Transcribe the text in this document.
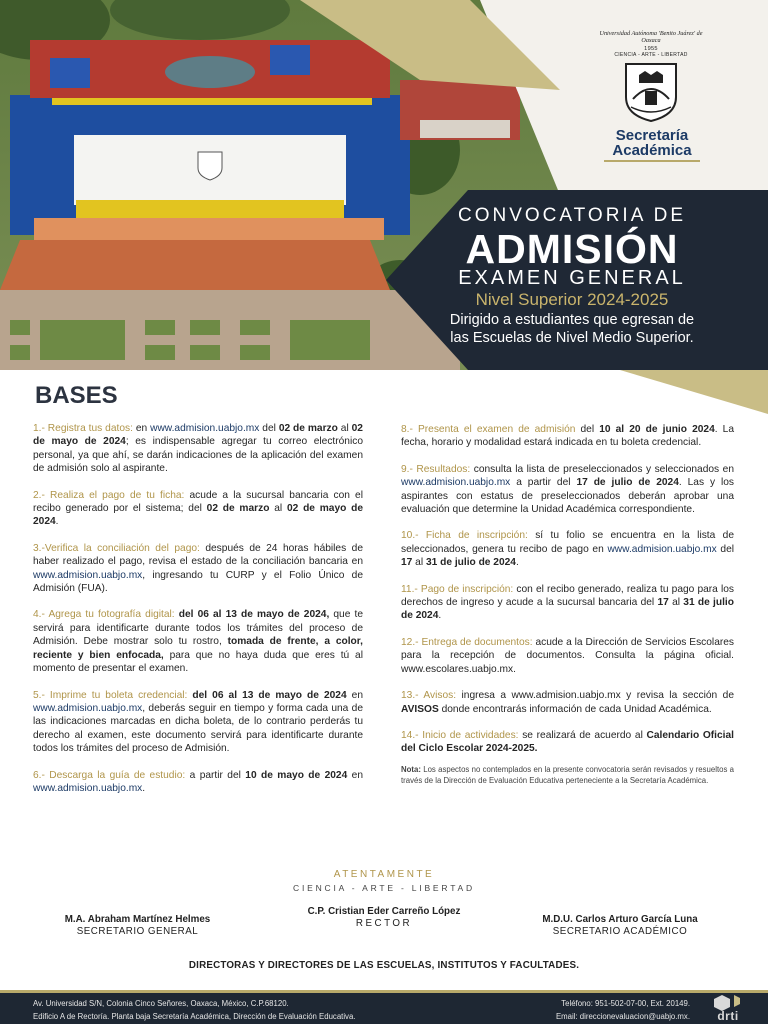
Universidad Autónoma 'Benito Juárez' de Oaxaca
1955
CIENCIA - ARTE - LIBERTAD
Secretaría
Académica
CONVOCATORIA DE
ADMISIÓN
EXAMEN GENERAL
Nivel Superior 2024-2025
Dirigido a estudiantes que egresan de
las Escuelas de Nivel Medio Superior.
BASES

1.- Registra tus datos: en www.admision.uabjo.mx del 02 de marzo al 02 de mayo de 2024; es indispensable agregar tu correo electrónico personal, ya que ahí, se darán indicaciones de la aplicación del examen de admisión solo al aspirante.

2.- Realiza el pago de tu ficha: acude a la sucursal bancaria con el recibo generado por el sistema; del 02 de marzo al 02 de mayo de 2024.

3.-Verifica la conciliación del pago: después de 24 horas hábiles de haber realizado el pago, revisa el estado de la conciliación bancaria en www.admision.uabjo.mx, ingresando tu CURP y el Folio Único de Admisión (FUA).

4.- Agrega tu fotografía digital: del 06 al 13 de mayo de 2024, que te servirá para identificarte durante todos los trámites del proceso de Admisión. Debe mostrar solo tu rostro, tomada de frente, a color, reciente y bien enfocada, para que no haya duda que eres tú al momento de presentar el examen.

5.- Imprime tu boleta credencial: del 06 al 13 de mayo de 2024 en www.admision.uabjo.mx, deberás seguir en tiempo y forma cada una de las indicaciones marcadas en dicha boleta, de lo contrario perderás tu derecho al examen, este documento servirá para identificarte durante todos los trámites del proceso de Admisión.

6.- Descarga la guía de estudio: a partir del 10 de mayo de 2024 en www.admision.uabjo.mx.

8.- Presenta el examen de admisión del 10 al 20 de junio 2024. La fecha, horario y modalidad estará indicada en tu boleta credencial.

9.- Resultados: consulta la lista de preseleccionados y seleccionados en www.admision.uabjo.mx a partir del 17 de julio de 2024. Las y los aspirantes con estatus de preseleccionados deberán aprobar una evaluación que determine la Unidad Académica correspondiente.

10.- Ficha de inscripción: sí tu folio se encuentra en la lista de seleccionados, genera tu recibo de pago en www.admision.uabjo.mx del 17 al 31 de julio de 2024.

11.- Pago de inscripción: con el recibo generado, realiza tu pago para los derechos de ingreso y acude a la sucursal bancaria del 17 al 31 de julio de 2024.

12.- Entrega de documentos: acude a la Dirección de Servicios Escolares para la recepción de documentos. Consulta la página oficial. www.escolares.uabjo.mx.

13.- Avisos: ingresa a www.admision.uabjo.mx y revisa la sección de AVISOS donde encontrarás información de cada Unidad Académica.

14.- Inicio de actividades: se realizará de acuerdo al Calendario Oficial del Ciclo Escolar 2024-2025.

Nota: Los aspectos no contemplados en la presente convocatoria serán revisados y resueltos a través de la Dirección de Evaluación Educativa perteneciente a la Secretaría Académica.

ATENTAMENTE
CIENCIA - ARTE - LIBERTAD
M.A. Abraham Martínez Helmes
SECRETARIO GENERAL
C.P. Cristian Eder Carreño López
RECTOR	M.D.U. Carlos Arturo García Luna
SECRETARIO ACADÉMICO
DIRECTORAS Y DIRECTORES DE LAS ESCUELAS, INSTITUTOS Y FACULTADES.
Av. Universidad S/N, Colonia Cinco Señores, Oaxaca, México, C.P.68120.
Edificio A de Rectoría. Planta baja Secretaría Académica, Dirección de Evaluación Educativa.
Teléfono: 951-502-07-00, Ext. 20149.
Email: direccionevaluacion@uabjo.mx.	drti
